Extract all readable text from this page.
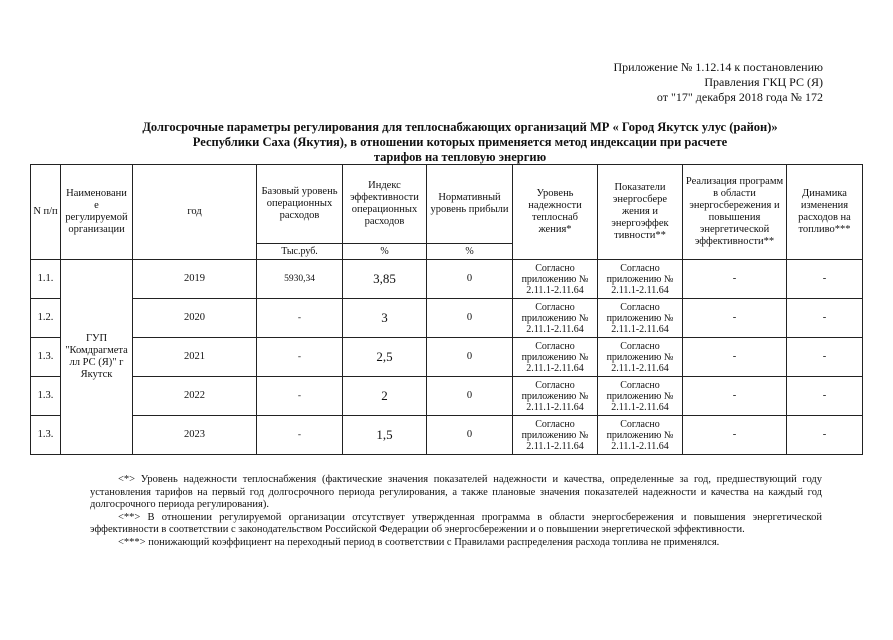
Приложение № 1.12.14 к постановлению
Правления ГКЦ РС (Я)
от "17" декабря 2018 года № 172
Долгосрочные параметры регулирования для теплоснабжающих организаций МР « Город Якутск улус (район)»
Республики Саха (Якутия), в отношении которых применяется метод индексации при расчете
тарифов на тепловую энергию
N п/п	Наименовани е регулируемой организации	год	Базовый уровень операционных расходов	Индекс эффективности операционных расходов	Нормативный уровень прибыли	Уровень надежности теплоснаб жения*	Показатели энергосбере жения и энергоэффек тивности**	Реализация программ в области энергосбережения и повышения энергетической эффективности**	Динамика изменения расходов на топливо***
			Тыс.руб.	%	%				
1.1.	ГУП "Комдрагмета лл РС (Я)" г Якутск	2019	5930,34	3,85	0	Согласно приложению № 2.11.1-2.11.64	Согласно приложению № 2.11.1-2.11.64	-	-
1.2.		2020	-	3	0	Согласно приложению № 2.11.1-2.11.64	Согласно приложению № 2.11.1-2.11.64	-	-
1.3.		2021	-	2,5	0	Согласно приложению № 2.11.1-2.11.64	Согласно приложению № 2.11.1-2.11.64	-	-
1.3.		2022	-	2	0	Согласно приложению № 2.11.1-2.11.64	Согласно приложению № 2.11.1-2.11.64	-	-
1.3.		2023	-	1,5	0	Согласно приложению № 2.11.1-2.11.64	Согласно приложению № 2.11.1-2.11.64	-	-

<*> Уровень надежности теплоснабжения (фактические значения показателей надежности и качества, определенные за год, предшествующий году установления тарифов на первый год долгосрочного периода регулирования, а также плановые значения показателей надежности и качества на каждый год долгосрочного периода регулирования).

<**> В отношении регулируемой организации отсутствует утвержденная программа в области энергосбережения и повышения энергетической эффективности в соответствии с законодательством Российской Федерации об энергосбережении и о повышении энергетической эффективности.

<***> понижающий коэффициент на переходный период в соответствии с Правилами распределения расхода топлива не применялся.
